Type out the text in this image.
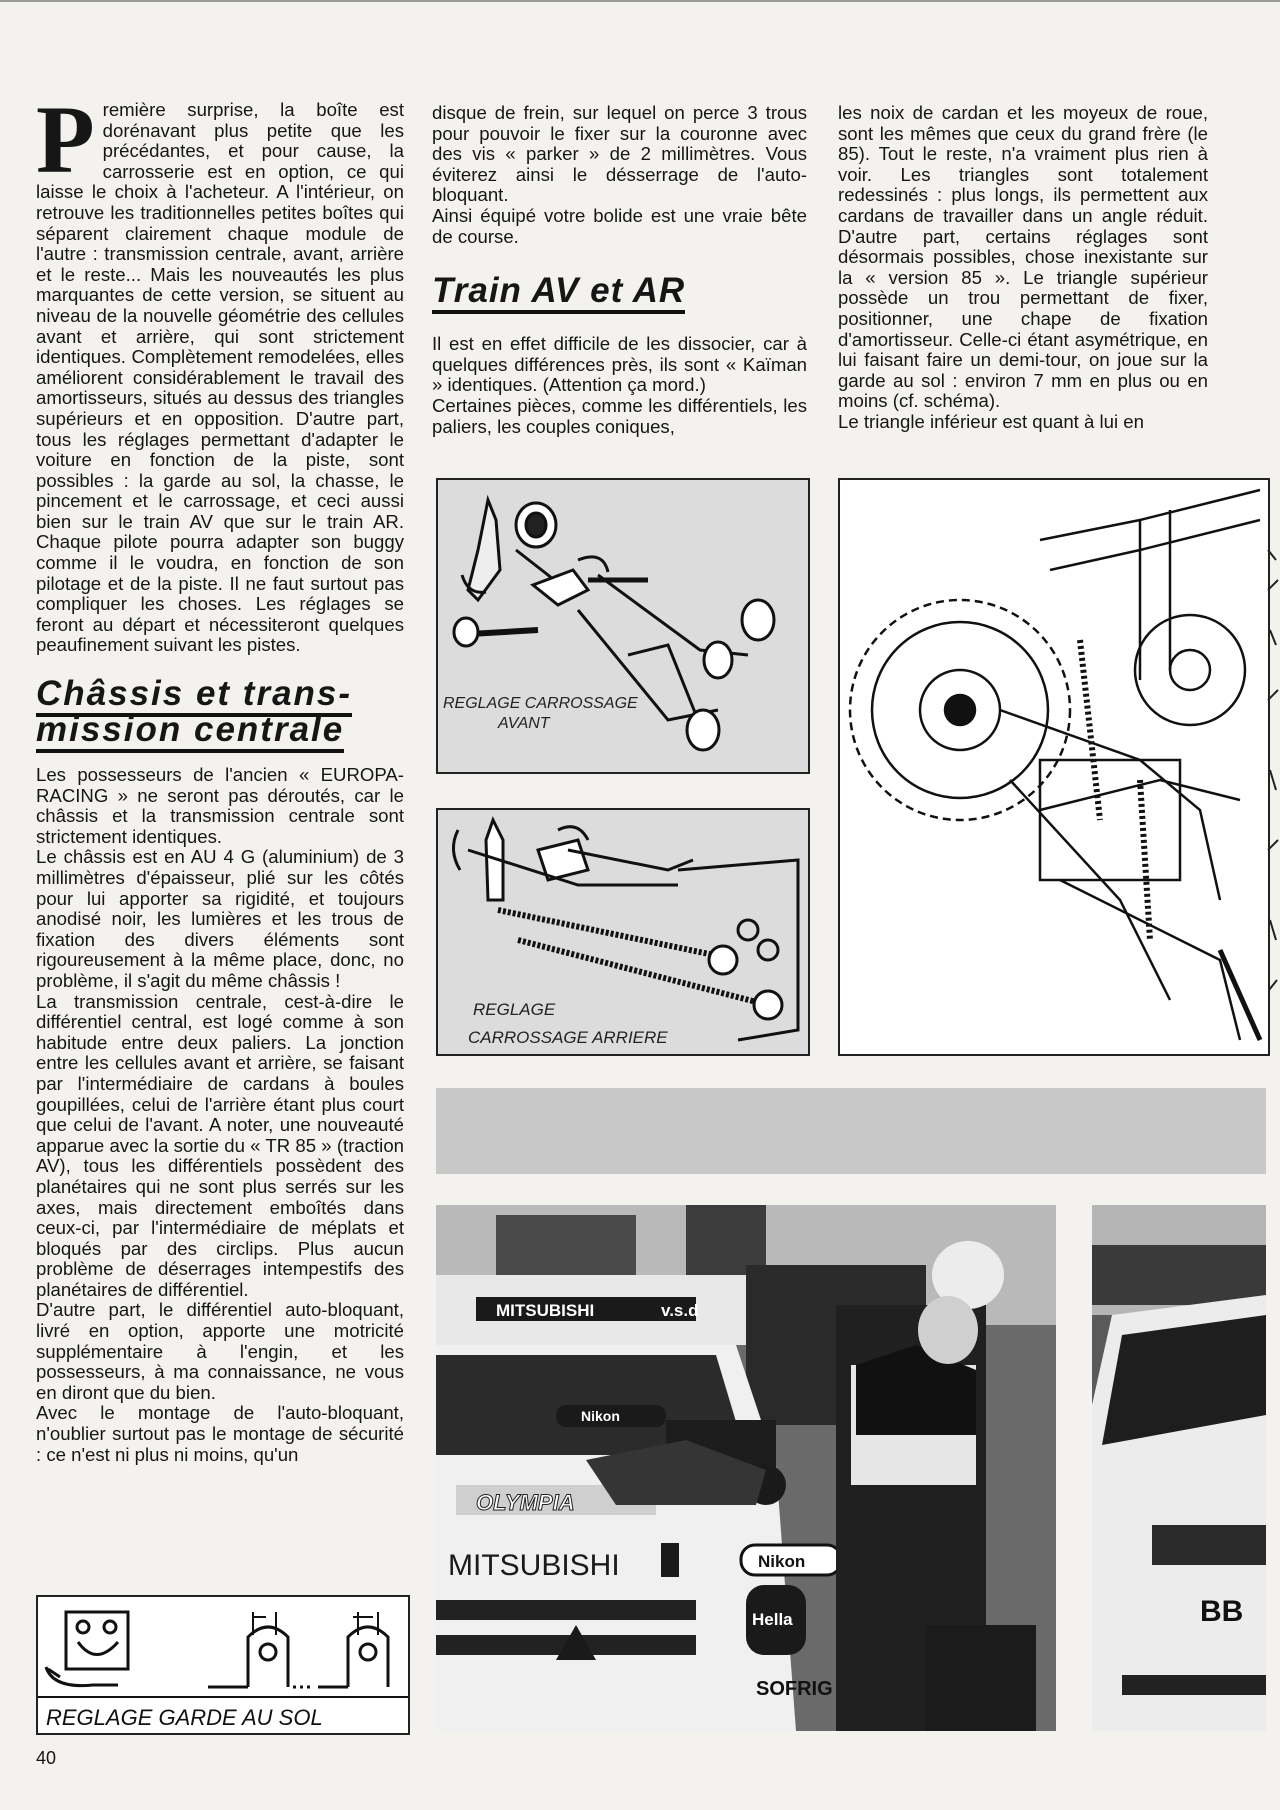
Première surprise, la boîte est dorénavant plus petite que les précédantes, et pour cause, la carrosserie est en option, ce qui laisse le choix à l'acheteur. A l'intérieur, on retrouve les traditionnelles petites boîtes qui séparent clairement chaque module de l'autre : transmission centrale, avant, arrière et le reste... Mais les nouveautés les plus marquantes de cette version, se situent au niveau de la nouvelle géométrie des cellules avant et arrière, qui sont strictement identiques. Complètement remodelées, elles améliorent considérablement le travail des amortisseurs, situés au dessus des triangles supérieurs et en opposition. D'autre part, tous les réglages permettant d'adapter le voiture en fonction de la piste, sont possibles : la garde au sol, la chasse, le pincement et le carrossage, et ceci aussi bien sur le train AV que sur le train AR. Chaque pilote pourra adapter son buggy comme il le voudra, en fonction de son pilotage et de la piste. Il ne faut surtout pas compliquer les choses. Les réglages se feront au départ et nécessiteront quelques peaufinement suivant les pistes.

Châssis et trans-
mission centrale

Les possesseurs de l'ancien « EUROPA-RACING » ne seront pas déroutés, car le châssis et la transmission centrale sont strictement identiques.

Le châssis est en AU 4 G (aluminium) de 3 millimètres d'épaisseur, plié sur les côtés pour lui apporter sa rigidité, et toujours anodisé noir, les lumières et les trous de fixation des divers éléments sont rigoureusement à la même place, donc, no problème, il s'agit du même châssis !

La transmission centrale, cest-à-dire le différentiel central, est logé comme à son habitude entre deux paliers. La jonction entre les cellules avant et arrière, se faisant par l'intermédiaire de cardans à boules goupillées, celui de l'arrière étant plus court que celui de l'avant. A noter, une nouveauté apparue avec la sortie du « TR 85 » (traction AV), tous les différentiels possèdent des planétaires qui ne sont plus serrés sur les axes, mais directement emboîtés dans ceux-ci, par l'intermédiaire de méplats et bloqués par des circlips. Plus aucun problème de déserrages intempestifs des planétaires de différentiel.

D'autre part, le différentiel auto-bloquant, livré en option, apporte une motricité supplémentaire à l'engin, et les possesseurs, à ma connaissance, ne vous en diront que du bien.

Avec le montage de l'auto-bloquant, n'oublier surtout pas le montage de sécurité : ce n'est ni plus ni moins, qu'un

disque de frein, sur lequel on perce 3 trous pour pouvoir le fixer sur la couronne avec des vis « parker » de 2 millimètres. Vous éviterez ainsi le désserrage de l'auto-bloquant.

Ainsi équipé votre bolide est une vraie bête de course.

Train AV et AR

Il est en effet difficile de les dissocier, car à quelques différences près, ils sont « Kaïman » identiques. (Attention ça mord.)

Certaines pièces, comme les différentiels, les paliers, les couples coniques,

les noix de cardan et les moyeux de roue, sont les mêmes que ceux du grand frère (le 85). Tout le reste, n'a vraiment plus rien à voir. Les triangles sont totalement redessinés : plus longs, ils permettent aux cardans de travailler dans un angle réduit. D'autre part, certains réglages sont désormais possibles, chose inexistante sur la « version 85 ». Le triangle supérieur possède un trou permettant de fixer, positionner, une chape de fixation d'amortisseur. Celle-ci étant asymétrique, en lui faisant faire un demi-tour, on joue sur la garde au sol : environ 7 mm en plus ou en moins (cf. schéma).

Le triangle inférieur est quant à lui en

REGLAGE CARROSSAGE
AVANT
REGLAGE
CARROSSAGE ARRIERE
REGLAGE GARDE AU SOL
MITSUBISHI	v.s.d
Nikon
OLYMPIA
MITSUBISHI	Nikon
Hella
SOFRIG
BB
40
